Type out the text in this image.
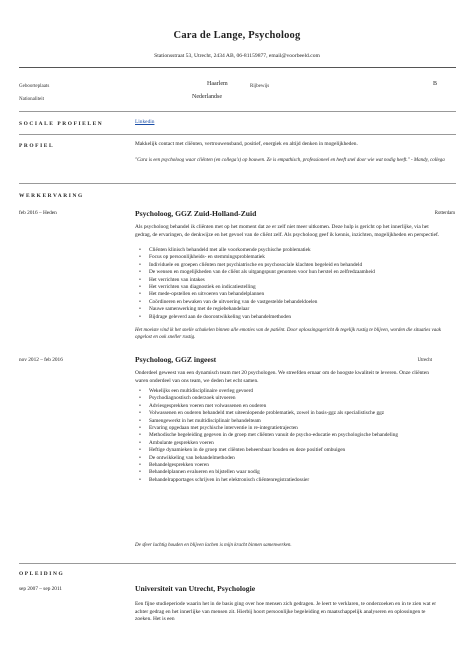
Cara de Lange, Psycholoog
Stationsstraat 53, Utrecht, 2434 AB, 06-81159877, email@voorbeeld.com
Geboorteplaats	Haarlem	Rijbewijs	B
Nationaliteit	Nederlandse
SOCIALE PROFIELEN	Linkedin
PROFIEL	Makkelijk contact met cliënten, vertrouwensband, positief, energiek en altijd denken in mogelijkheden.
"Cara is een psycholoog waar cliënten (en collega's) op bouwen. Ze is empathisch, professioneel en heeft snel door wie wat nodig heeft." - Mandy, collega
WERKERVARING
feb 2016 – Heden	Psycholoog, GGZ Zuid-Holland-Zuid	Rotterdam
Als psycholoog behandel ik cliënten met op het moment dat ze er zelf niet meer uitkomen. Deze hulp is gericht op het innerlijke, via het gedrag, de ervaringen, de denkwijze en het gevoel van de cliënt zelf. Als psycholoog geef ik kennis, inzichten, mogelijkheden en perspectief.
• Cliënten klinisch behandeld met alle voorkomende psychische problematiek
• Focus op persoonlijkheids- en stemmingsproblematiek
• Individuele en groepen cliënten met psychiatrische en psychosociale klachten begeleid en behandeld
• De wensen en mogelijkheden van de cliënt als uitgangspunt genomen voor hun herstel en zelfredzaamheid
• Het verrichten van intakes
• Het verrichten van diagnostiek en indicatiestelling
• Het mede-opstellen en uitvoeren van behandelplannen
• Coördineren en bewaken van de uitvoering van de vastgestelde behandeldoelen
• Nauwe samenwerking met de regiebehandelaar
• Bijdrage geleverd aan de doorontwikkeling van behandelmethoden
Het moeiste vind ik het snelle schakelen binnen alle emoties van de patiënt. Door oplossingsgericht & tegelijk rustig te blijven, worden die situaties vaak opgelost en ook sneller rustig.
nov 2012 – feb 2016	Psycholoog, GGZ ingeest	Utrecht
Onderdeel geweest van een dynamisch team met 20 psychologen. We streefden ernaar om de hoogste kwaliteit te leveren. Onze cliënten waren onderdeel van ons team, we deden het echt samen.
• Wekelijks een multidisciplinaire overleg gevoerd
• Psychodiagnostisch onderzoek uitvoeren
• Adviesgesprekken voeren met volwassenen en ouderen
• Volwassenen en ouderen behandeld met uiteenlopende problematiek, zowel in basis-ggz als specialistische ggz
• Samengewerkt in het multidisciplinair behandelteam
• Ervaring opgedaan met psychische interventie in re-integratietrajecten
• Methodische begeleiding gegeven in de groep met cliënten vanuit de psycho-educatie en psychologische behandeling
• Ambulante gesprekken voeren
• Heftige dynamieken in de groep met cliënten beheersbaar houden en deze positief ombuigen
• De ontwikkeling van behandelmethoden
• Behandelgesprekken voeren
• Behandelplannen evalueren en bijstellen waar nodig
• Behandelrapportages schrijven in het elektronisch cliëntenregistratiedossier
De sfeer luchtig houden en blijven lachen is mijn kracht binnen samenwerken.
OPLEIDING
sep 2007 – sep 2011	Universiteit van Utrecht, Psychologie
Een fijne studieperiode waarin het in de basis ging over hoe mensen zich gedragen. Je leert te verklaren, te onderzoeken en in te zien wat er achter gedrag en het innerlijke van mensen zit. Hierbij hoort persoonlijke begeleiding en maatschappelijk analyseren en oplossingen te zoeken. Het is een
